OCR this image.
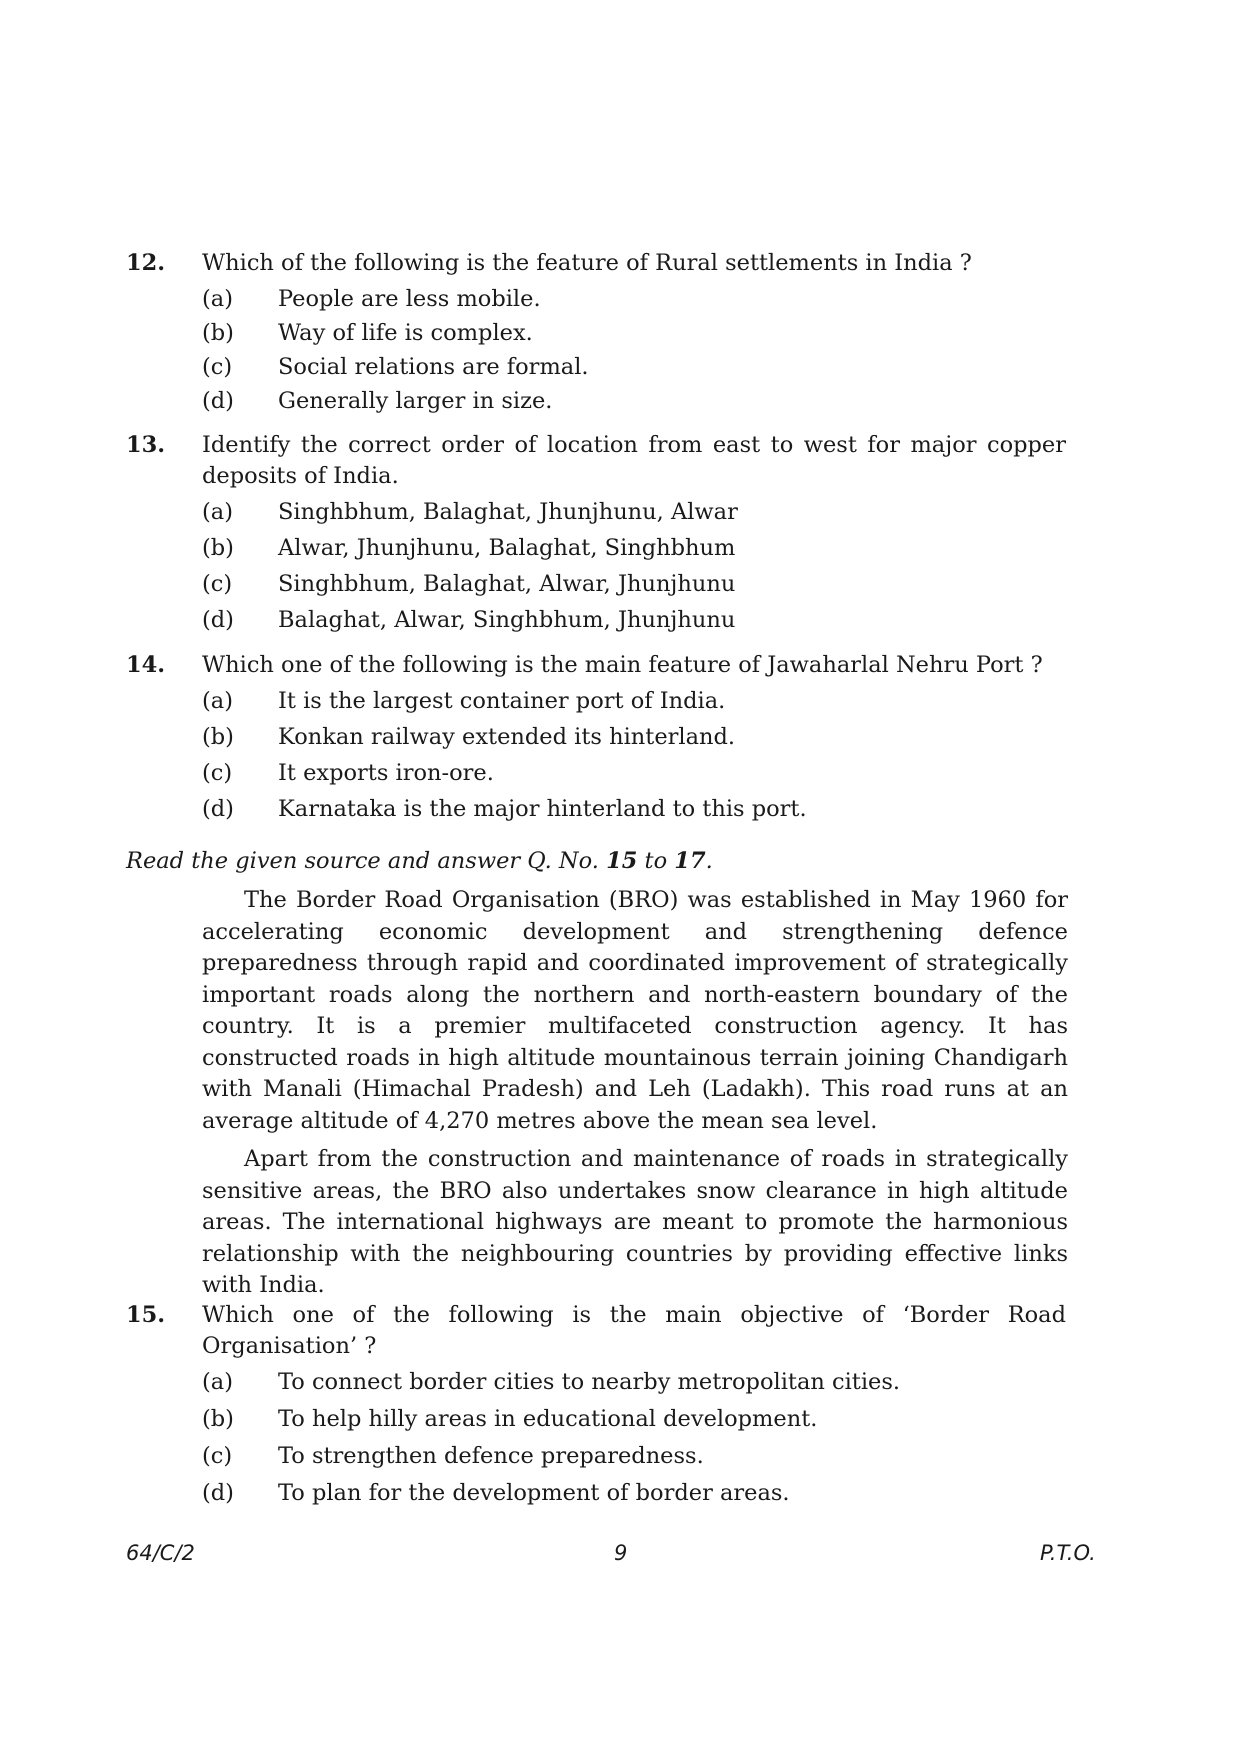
12. Which of the following is the feature of Rural settlements in India ?
(a)	People are less mobile.
(b)	Way of life is complex.
(c)	Social relations are formal.
(d)	Generally larger in size.
13. Identify the correct order of location from east to west for major copper deposits of India.
(a)	Singhbhum, Balaghat, Jhunjhunu, Alwar
(b)	Alwar, Jhunjhunu, Balaghat, Singhbhum
(c)	Singhbhum, Balaghat, Alwar, Jhunjhunu
(d)	Balaghat, Alwar, Singhbhum, Jhunjhunu
14. Which one of the following is the main feature of Jawaharlal Nehru Port ?
(a)	It is the largest container port of India.
(b)	Konkan railway extended its hinterland.
(c)	It exports iron-ore.
(d)	Karnataka is the major hinterland to this port.
Read the given source and answer Q. No. 15 to 17.

The Border Road Organisation (BRO) was established in May 1960 for accelerating economic development and strengthening defence preparedness through rapid and coordinated improvement of strategically important roads along the northern and north-eastern boundary of the country. It is a premier multifaceted construction agency. It has constructed roads in high altitude mountainous terrain joining Chandigarh with Manali (Himachal Pradesh) and Leh (Ladakh). This road runs at an average altitude of 4,270 metres above the mean sea level.

Apart from the construction and maintenance of roads in strategically sensitive areas, the BRO also undertakes snow clearance in high altitude areas. The international highways are meant to promote the harmonious relationship with the neighbouring countries by providing effective links with India.

15. Which one of the following is the main objective of ‘Border Road Organisation’ ?
(a)	To connect border cities to nearby metropolitan cities.
(b)	To help hilly areas in educational development.
(c)	To strengthen defence preparedness.
(d)	To plan for the development of border areas.
64/C/2	9	P.T.O.
